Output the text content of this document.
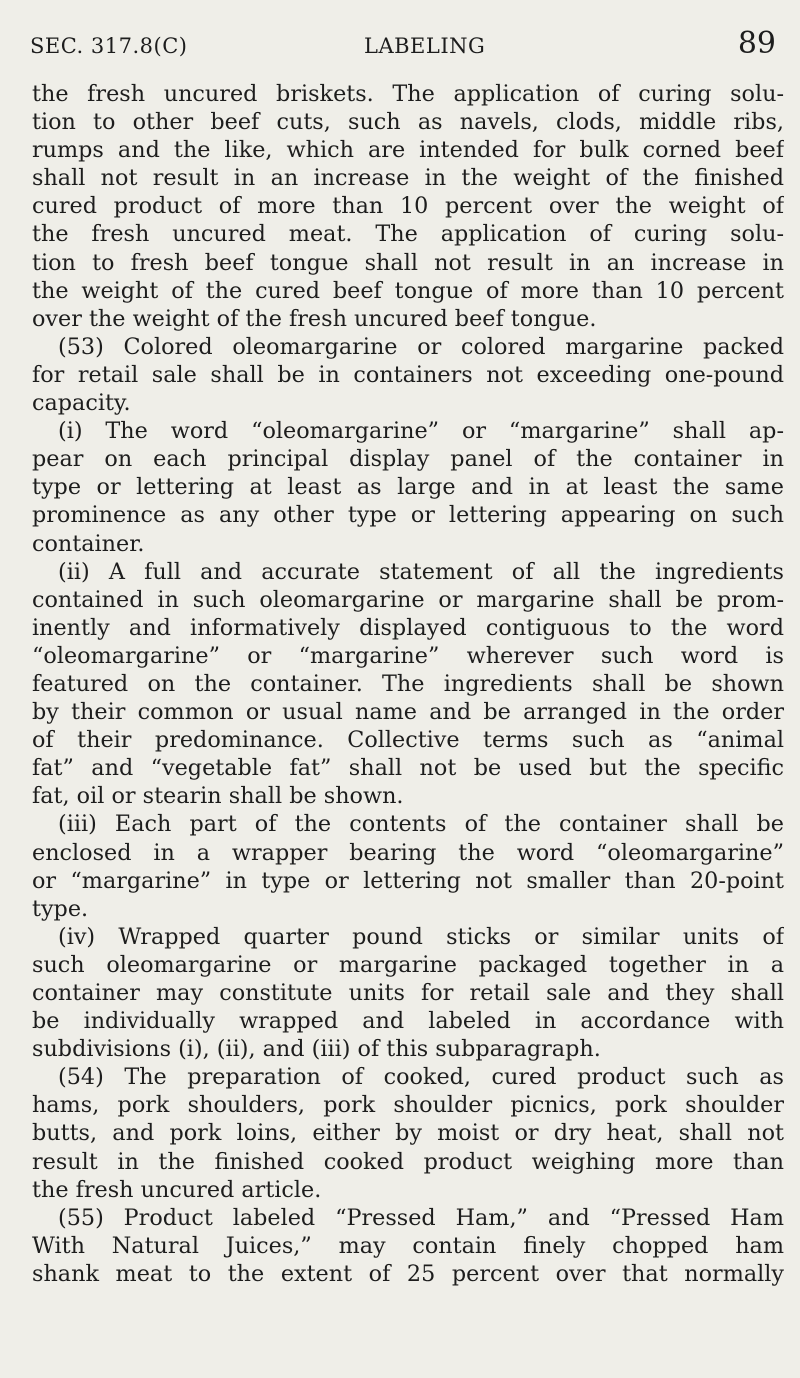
SEC. 317.8(C)	LABELING	89
the fresh uncured briskets. The application of curing solu-
tion to other beef cuts, such as navels, clods, middle ribs,
rumps and the like, which are intended for bulk corned beef
shall not result in an increase in the weight of the finished
cured product of more than 10 percent over the weight of
the fresh uncured meat. The application of curing solu-
tion to fresh beef tongue shall not result in an increase in
the weight of the cured beef tongue of more than 10 percent
over the weight of the fresh uncured beef tongue.
(53) Colored oleomargarine or colored margarine packed
for retail sale shall be in containers not exceeding one-pound
capacity.
(i) The word “oleomargarine” or “margarine” shall ap-
pear on each principal display panel of the container in
type or lettering at least as large and in at least the same
prominence as any other type or lettering appearing on such
container.
(ii) A full and accurate statement of all the ingredients
contained in such oleomargarine or margarine shall be prom-
inently and informatively displayed contiguous to the word
“oleomargarine” or “margarine” wherever such word is
featured on the container. The ingredients shall be shown
by their common or usual name and be arranged in the order
of their predominance. Collective terms such as “animal
fat” and “vegetable fat” shall not be used but the specific
fat, oil or stearin shall be shown.
(iii) Each part of the contents of the container shall be
enclosed in a wrapper bearing the word “oleomargarine”
or “margarine” in type or lettering not smaller than 20-point
type.
(iv) Wrapped quarter pound sticks or similar units of
such oleomargarine or margarine packaged together in a
container may constitute units for retail sale and they shall
be individually wrapped and labeled in accordance with
subdivisions (i), (ii), and (iii) of this subparagraph.
(54) The preparation of cooked, cured product such as
hams, pork shoulders, pork shoulder picnics, pork shoulder
butts, and pork loins, either by moist or dry heat, shall not
result in the finished cooked product weighing more than
the fresh uncured article.
(55) Product labeled “Pressed Ham,” and “Pressed Ham
With Natural Juices,” may contain finely chopped ham
shank meat to the extent of 25 percent over that normally
